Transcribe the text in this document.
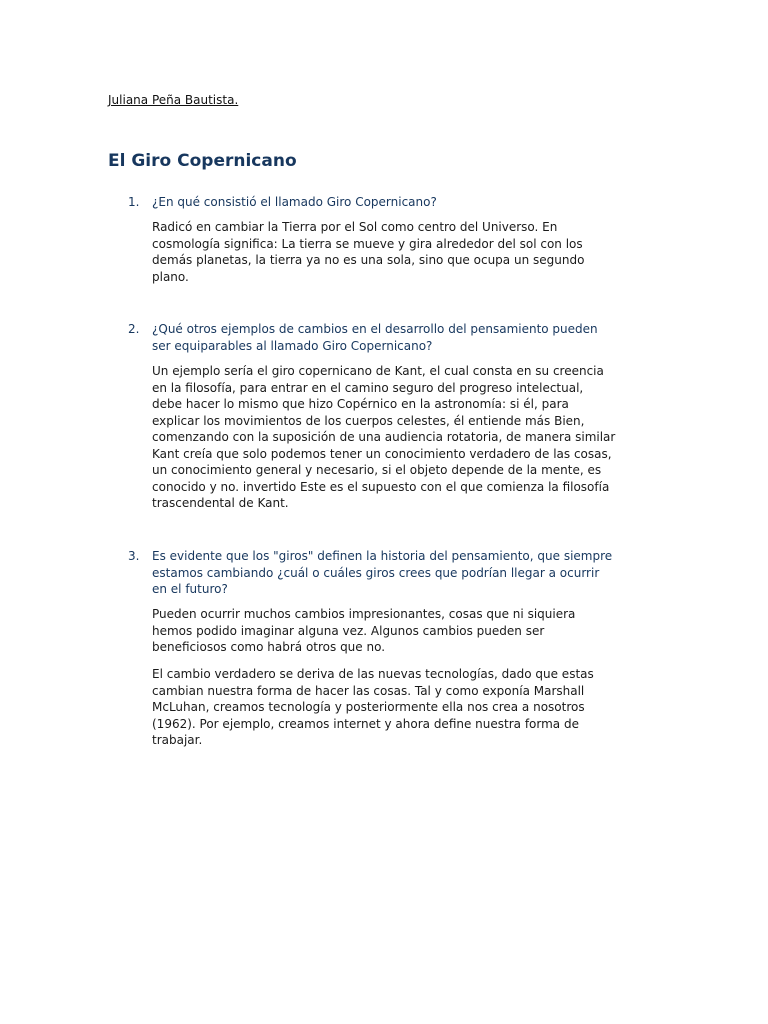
Juliana Peña Bautista.
El Giro Copernicano
1. ¿En qué consistió el llamado Giro Copernicano?

Radicó en cambiar la Tierra por el Sol como centro del Universo. En
cosmología significa: La tierra se mueve y gira alrededor del sol con los
demás planetas, la tierra ya no es una sola, sino que ocupa un segundo
plano.

2. ¿Qué otros ejemplos de cambios en el desarrollo del pensamiento pueden
ser equiparables al llamado Giro Copernicano?

Un ejemplo sería el giro copernicano de Kant, el cual consta en su creencia
en la filosofía, para entrar en el camino seguro del progreso intelectual,
debe hacer lo mismo que hizo Copérnico en la astronomía: si él, para
explicar los movimientos de los cuerpos celestes, él entiende más Bien,
comenzando con la suposición de una audiencia rotatoria, de manera similar
Kant creía que solo podemos tener un conocimiento verdadero de las cosas,
un conocimiento general y necesario, si el objeto depende de la mente, es
conocido y no. invertido Este es el supuesto con el que comienza la filosofía
trascendental de Kant.

3. Es evidente que los "giros" definen la historia del pensamiento, que siempre
estamos cambiando ¿cuál o cuáles giros crees que podrían llegar a ocurrir
en el futuro?

Pueden ocurrir muchos cambios impresionantes, cosas que ni siquiera
hemos podido imaginar alguna vez. Algunos cambios pueden ser
beneficiosos como habrá otros que no.

El cambio verdadero se deriva de las nuevas tecnologías, dado que estas
cambian nuestra forma de hacer las cosas. Tal y como exponía Marshall
McLuhan, creamos tecnología y posteriormente ella nos crea a nosotros
(1962). Por ejemplo, creamos internet y ahora define nuestra forma de
trabajar.
